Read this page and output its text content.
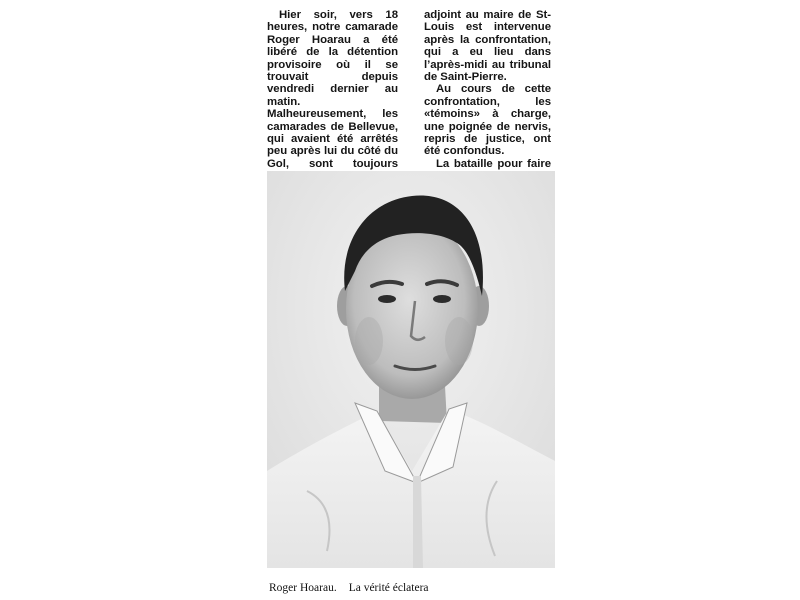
Hier soir, vers 18 heures, notre camarade Roger Hoarau a été libéré de la détention provisoire où il se trouvait depuis vendredi dernier au matin. Malheureusement, les camarades de Bellevue, qui avaient été arrêtés peu après lui du côté du Gol, sont toujours

adjoint au maire de St-Louis est intervenue après la confrontation, qui a eu lieu dans l’après-midi au tribunal de Saint-Pierre.

Au cours de cette confrontation, les «témoins» à charge, une poignée de nervis, repris de justice, ont été confondus.

La bataille pour faire

Roger Hoarau. La vérité éclatera
